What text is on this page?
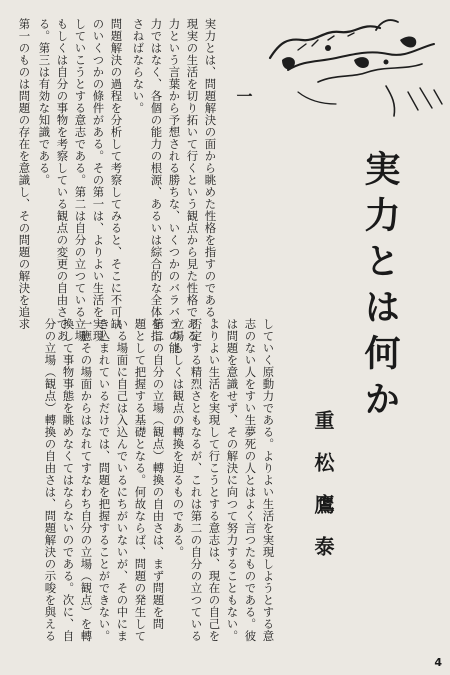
実力とは何か
重松鷹泰
一
実力とは、問題解決の面から眺めた性格を指すのである。
現実の生活を切り拓いて行くという観点から見た性格である。
力という言葉から予想される勝ちな、いくつかのバラバラの能
力ではなく、各個の能力の根源、あるいは綜合的な全体を指
さねばならない。
問題解決の過程を分析して考察してみると、そこに不可缺
のいくつかの條件がある。その第一は、よりよい生活を実現
していこうとする意志である。第二は自分の立つている立場
もしくは自分の事物を考察している観点の変更の自由さであ
る。第三は有効な知識である。
第一のものは問題の存在を意識し、その問題の解決を追求
していく原動力である。よりよい生活を実現しようとする意
志のない人をすい生夢死の人とはよく言つたものである。彼
は問題を意識せず、その解決に向つて努力することもない。
よりよい生活を実現して行こうとする意志は、現在の自己を
否定する精烈さともなるが、これは第二の自分の立つている
立場もしくは観点の轉換を迫るものである。
第二の自分の立場（観点）轉換の自由さは、まず問題を問
題として把握する基礎となる。何故ならば、問題の発生して
いる場面に自己は入込んでいるにちがいないが、その中にま
き込まれているだけでは、問題を把握することができない。
一應その場面からはなれてすなわち自分の立場（観点）を轉
換して事物事態を眺めなくてはならないのである。次に、自
分の立場（観点）轉換の自由さは、問題解決の示唆を與える
4
